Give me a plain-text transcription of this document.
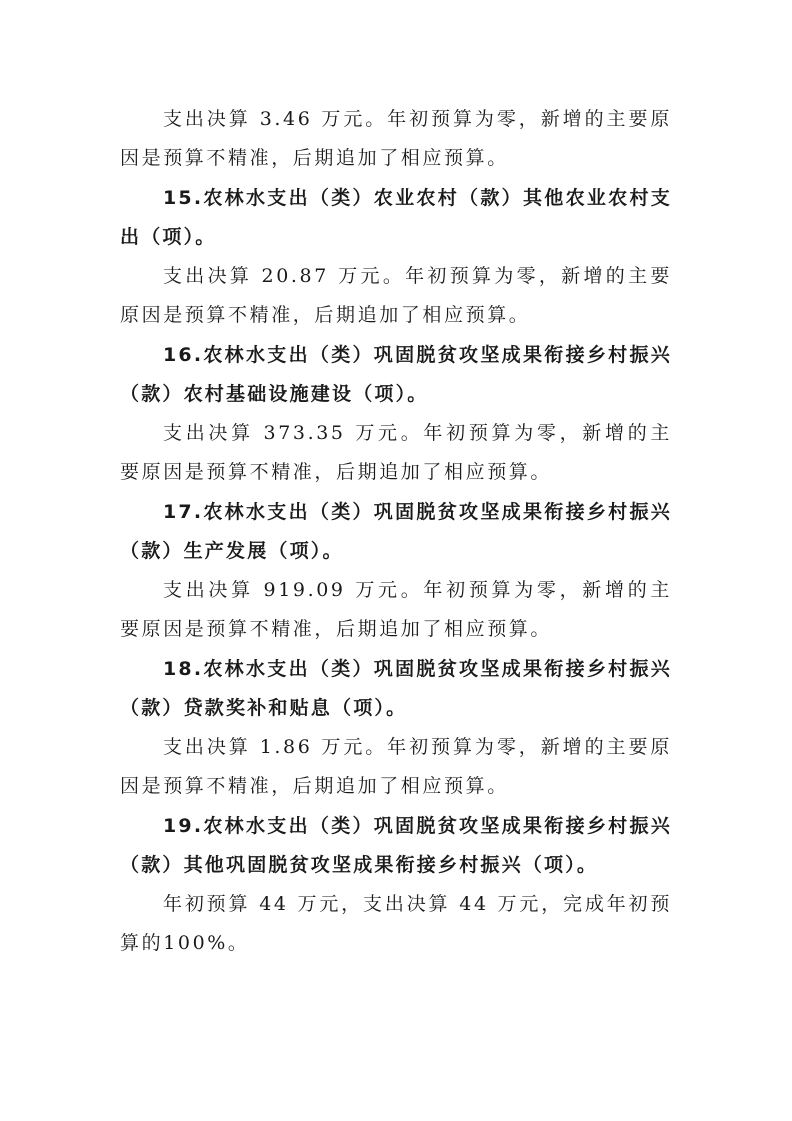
支出决算 3.46 万元。年初预算为零，新增的主要原因是预算不精准，后期追加了相应预算。

15.农林水支出（类）农业农村（款）其他农业农村支出（项）。

支出决算 20.87 万元。年初预算为零，新增的主要原因是预算不精准，后期追加了相应预算。

16.农林水支出（类）巩固脱贫攻坚成果衔接乡村振兴（款）农村基础设施建设（项）。

支出决算 373.35 万元。年初预算为零，新增的主要原因是预算不精准，后期追加了相应预算。

17.农林水支出（类）巩固脱贫攻坚成果衔接乡村振兴（款）生产发展（项）。

支出决算 919.09 万元。年初预算为零，新增的主要原因是预算不精准，后期追加了相应预算。

18.农林水支出（类）巩固脱贫攻坚成果衔接乡村振兴（款）贷款奖补和贴息（项）。

支出决算 1.86 万元。年初预算为零，新增的主要原因是预算不精准，后期追加了相应预算。

19.农林水支出（类）巩固脱贫攻坚成果衔接乡村振兴（款）其他巩固脱贫攻坚成果衔接乡村振兴（项）。

年初预算 44 万元，支出决算 44 万元，完成年初预算的100%。
